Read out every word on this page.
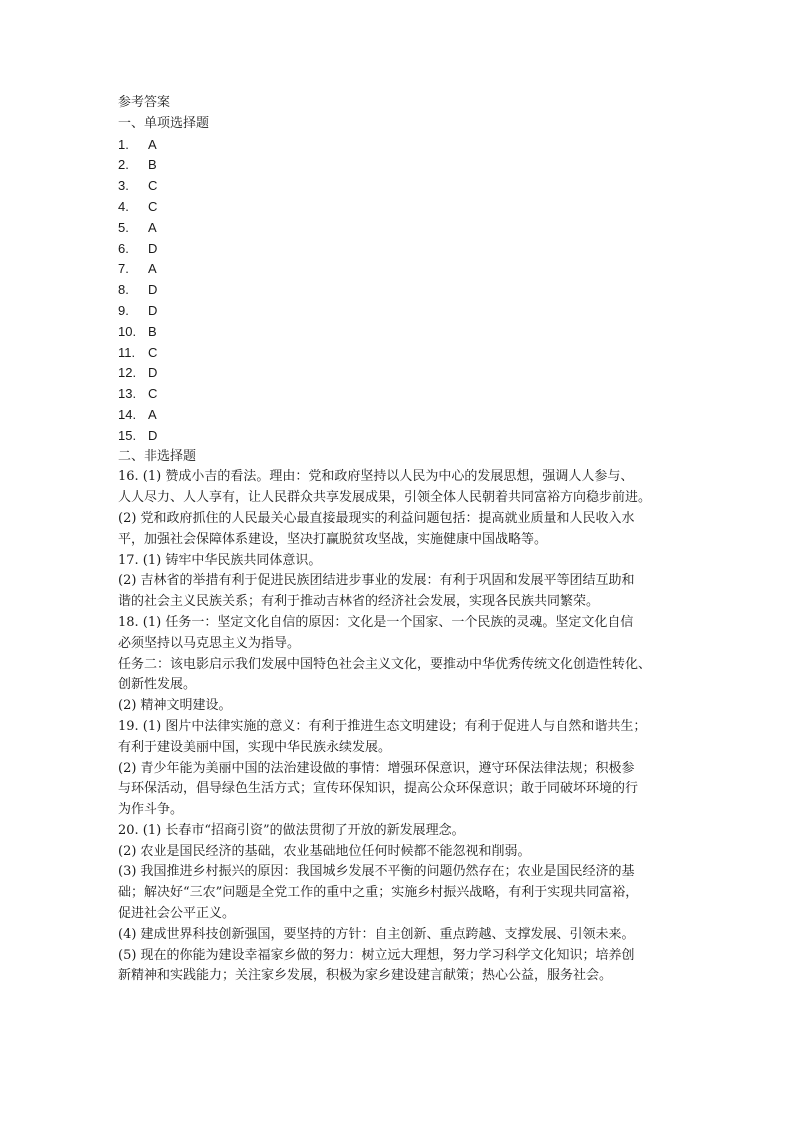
参考答案
一、单项选择题
1.	A
2.	B
3.	C
4.	C
5.	A
6.	D
7.	A
8.	D
9.	D
10. B
11. C
12. D
13. C
14. A
15. D
二、非选择题
16. (1) 赞成小吉的看法。理由：党和政府坚持以人民为中心的发展思想，强调人人参与、
人人尽力、人人享有，让人民群众共享发展成果，引领全体人民朝着共同富裕方向稳步前进。
(2) 党和政府抓住的人民最关心最直接最现实的利益问题包括：提高就业质量和人民收入水
平，加强社会保障体系建设，坚决打赢脱贫攻坚战，实施健康中国战略等。
17. (1) 铸牢中华民族共同体意识。
(2) 吉林省的举措有利于促进民族团结进步事业的发展：有利于巩固和发展平等团结互助和
谐的社会主义民族关系；有利于推动吉林省的经济社会发展，实现各民族共同繁荣。
18. (1) 任务一：坚定文化自信的原因：文化是一个国家、一个民族的灵魂。坚定文化自信
必须坚持以马克思主义为指导。
任务二：该电影启示我们发展中国特色社会主义文化，要推动中华优秀传统文化创造性转化、
创新性发展。
(2) 精神文明建设。
19. (1) 图片中法律实施的意义：有利于推进生态文明建设；有利于促进人与自然和谐共生；
有利于建设美丽中国，实现中华民族永续发展。
(2) 青少年能为美丽中国的法治建设做的事情：增强环保意识，遵守环保法律法规；积极参
与环保活动，倡导绿色生活方式；宣传环保知识，提高公众环保意识；敢于同破坏环境的行
为作斗争。
20. (1) 长春市“招商引资”的做法贯彻了开放的新发展理念。
(2) 农业是国民经济的基础，农业基础地位任何时候都不能忽视和削弱。
(3) 我国推进乡村振兴的原因：我国城乡发展不平衡的问题仍然存在；农业是国民经济的基
础；解决好“三农”问题是全党工作的重中之重；实施乡村振兴战略，有利于实现共同富裕，
促进社会公平正义。
(4) 建成世界科技创新强国，要坚持的方针：自主创新、重点跨越、支撑发展、引领未来。
(5) 现在的你能为建设幸福家乡做的努力：树立远大理想，努力学习科学文化知识；培养创
新精神和实践能力；关注家乡发展，积极为家乡建设建言献策；热心公益，服务社会。
